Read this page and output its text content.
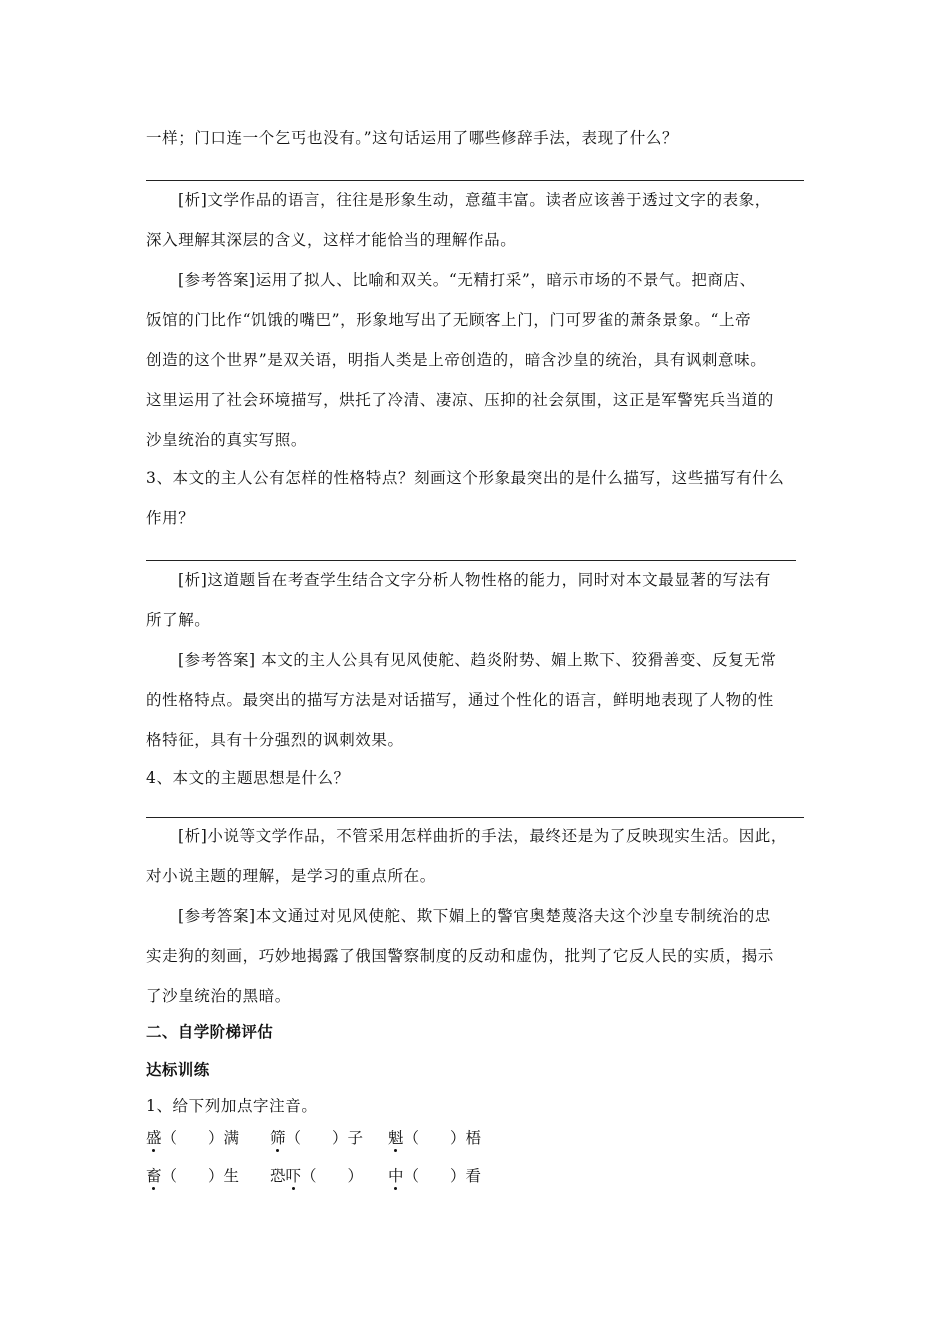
一样；门口连一个乞丐也没有。”这句话运用了哪些修辞手法，表现了什么？
[析]文学作品的语言，往往是形象生动，意蕴丰富。读者应该善于透过文字的表象，
深入理解其深层的含义，这样才能恰当的理解作品。
[参考答案]运用了拟人、比喻和双关。“无精打采”，暗示市场的不景气。把商店、
饭馆的门比作“饥饿的嘴巴”，形象地写出了无顾客上门，门可罗雀的萧条景象。“上帝
创造的这个世界”是双关语，明指人类是上帝创造的，暗含沙皇的统治，具有讽刺意味。
这里运用了社会环境描写，烘托了冷清、凄凉、压抑的社会氛围，这正是军警宪兵当道的
沙皇统治的真实写照。
3、本文的主人公有怎样的性格特点？刻画这个形象最突出的是什么描写，这些描写有什么
作用？
[析]这道题旨在考查学生结合文字分析人物性格的能力，同时对本文最显著的写法有
所了解。
[参考答案] 本文的主人公具有见风使舵、趋炎附势、媚上欺下、狡猾善变、反复无常
的性格特点。最突出的描写方法是对话描写，通过个性化的语言，鲜明地表现了人物的性
格特征，具有十分强烈的讽刺效果。
4、本文的主题思想是什么？
[析]小说等文学作品，不管采用怎样曲折的手法，最终还是为了反映现实生活。因此，
对小说主题的理解，是学习的重点所在。
[参考答案]本文通过对见风使舵、欺下媚上的警官奥楚蔑洛夫这个沙皇专制统治的忠
实走狗的刻画，巧妙地揭露了俄国警察制度的反动和虚伪，批判了它反人民的实质，揭示
了沙皇统治的黑暗。
二、自学阶梯评估
达标训练
1、给下列加点字注音。
盛（　　）满 筛（　　）子 魁（　　）梧
畜（　　）生 恐吓（　　） 中（　　）看
